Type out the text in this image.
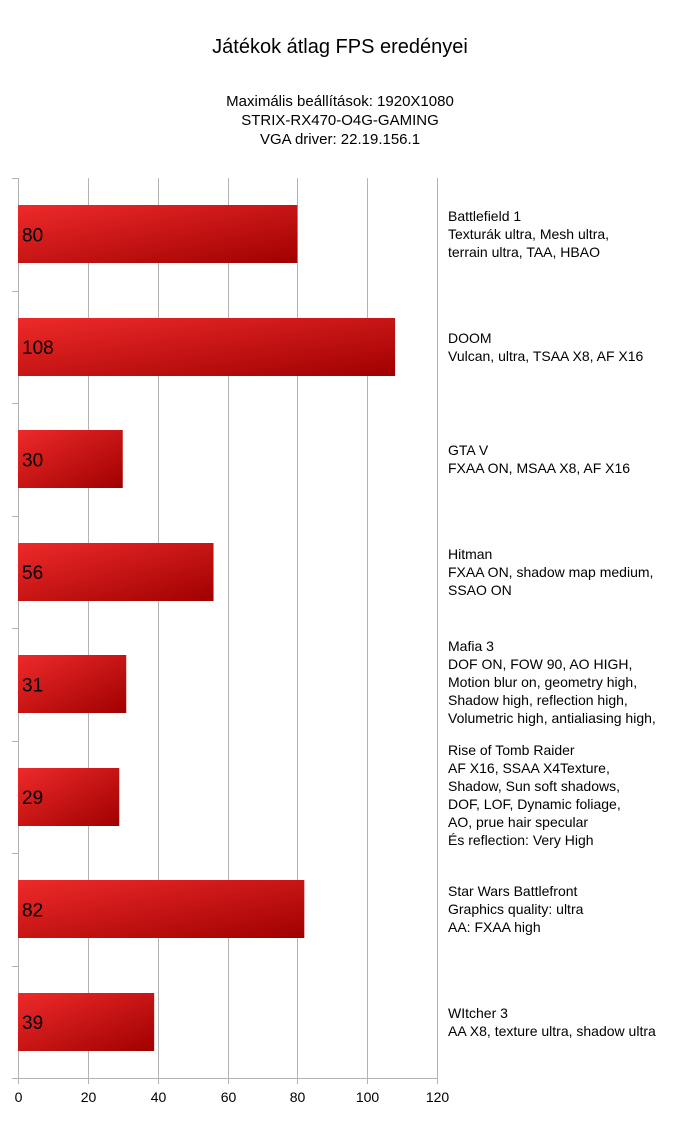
Játékok átlag FPS eredényei
Maximális beállítások: 1920X1080
STRIX-RX470-O4G-GAMING
VGA driver: 22.19.156.1
0	20	40	60	80	100	120
80
108
30
56
31
29
82
39
Battlefield 1
Texturák ultra, Mesh ultra,
terrain ultra, TAA, HBAO
DOOM
Vulcan, ultra, TSAA X8, AF X16
GTA V
FXAA ON, MSAA X8, AF X16
Hitman
FXAA ON, shadow map medium,
SSAO ON
Mafia 3
DOF ON, FOW 90, AO HIGH,
Motion blur on, geometry high,
Shadow high, reflection high,
Volumetric high, antialiasing high,
Rise of Tomb Raider
AF X16, SSAA X4Texture,
Shadow, Sun soft shadows,
DOF, LOF, Dynamic foliage,
AO, prue hair specular
És reflection: Very High
Star Wars Battlefront
Graphics quality: ultra
AA: FXAA high
WItcher 3
AA X8, texture ultra, shadow ultra
